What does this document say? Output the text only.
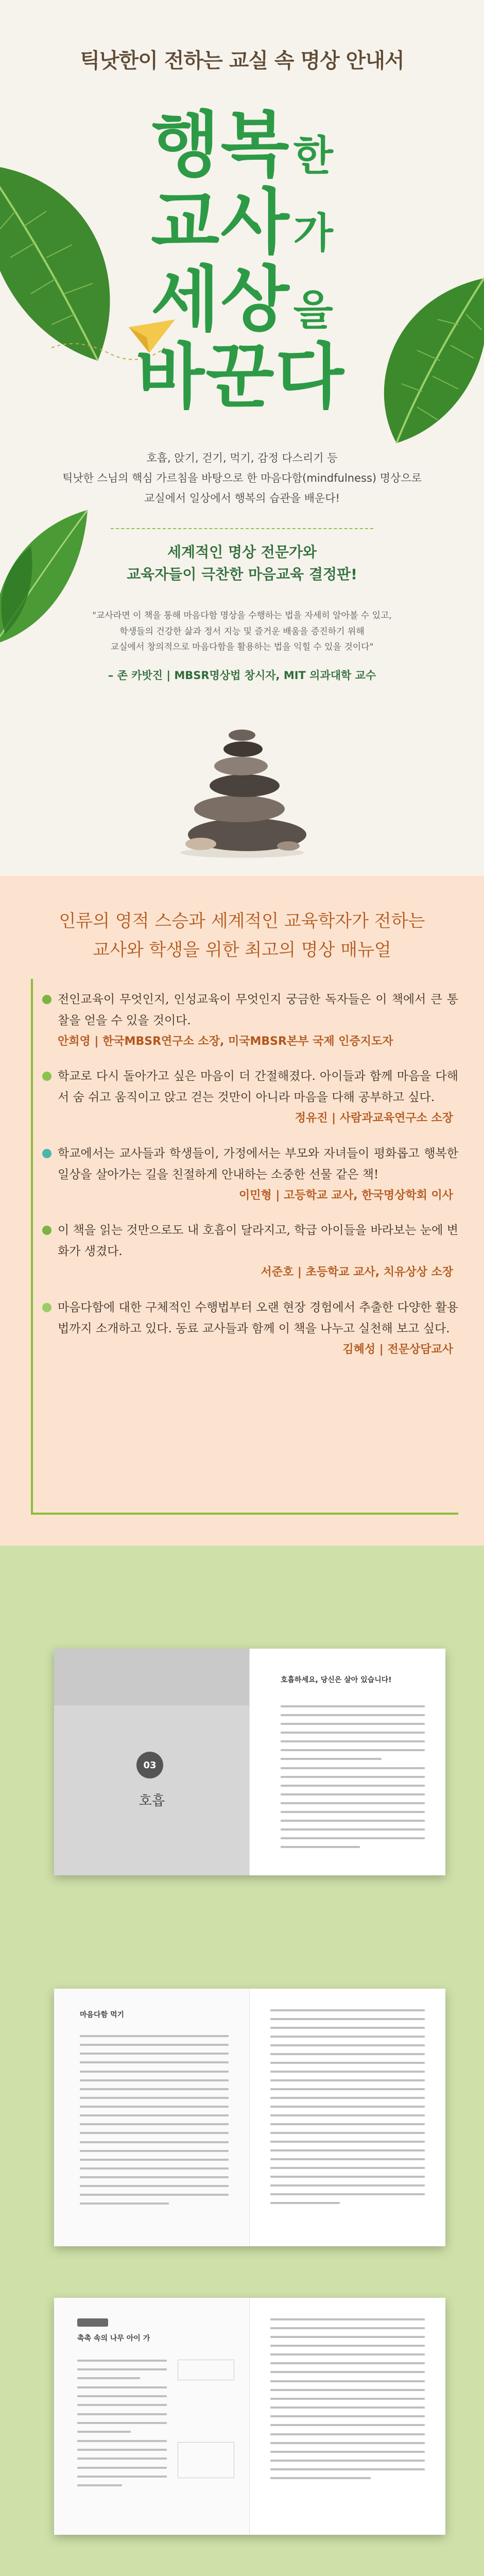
틱낫한이 전하는 교실 속 명상 안내서
행복 한
교사 가
세상 을
바꾼다
호흡, 앉기, 걷기, 먹기, 감정 다스리기 등
틱낫한 스님의 핵심 가르침을 바탕으로 한 마음다함(mindfulness) 명상으로
교실에서 일상에서 행복의 습관을 배운다!
세계적인 명상 전문가와
교육자들이 극찬한 마음교육 결정판!
"교사라면 이 책을 통해 마음다함 명상을 수행하는 법을 자세히 알아볼 수 있고,
학생들의 건강한 삶과 정서 지능 및 즐거운 배움을 증진하기 위해
교실에서 창의적으로 마음다함을 활용하는 법을 익힐 수 있을 것이다"
– 존 카밧진 | MBSR명상법 창시자, MIT 의과대학 교수
인류의 영적 스승과 세계적인 교육학자가 전하는
교사와 학생을 위한 최고의 명상 매뉴얼

전인교육이 무엇인지, 인성교육이 무엇인지 궁금한 독자들은 이 책에서 큰 통찰을 얻을 수 있을 것이다.

안희영 | 한국MBSR연구소 소장, 미국MBSR본부 국제 인증지도자

학교로 다시 돌아가고 싶은 마음이 더 간절해졌다. 아이들과 함께 마음을 다해서 숨 쉬고 움직이고 앉고 걷는 것만이 아니라 마음을 다해 공부하고 싶다.

정유진 | 사람과교육연구소 소장

학교에서는 교사들과 학생들이, 가정에서는 부모와 자녀들이 평화롭고 행복한 일상을 살아가는 길을 친절하게 안내하는 소중한 선물 같은 책!

이민형 | 고등학교 교사, 한국명상학회 이사

이 책을 읽는 것만으로도 내 호흡이 달라지고, 학급 아이들을 바라보는 눈에 변화가 생겼다.

서준호 | 초등학교 교사, 치유상상 소장

마음다함에 대한 구체적인 수행법부터 오랜 현장 경험에서 추출한 다양한 활용법까지 소개하고 있다. 동료 교사들과 함께 이 책을 나누고 실천해 보고 싶다.

김혜성 | 전문상담교사
03
호흡
호흡하세요, 당신은 살아 있습니다!
마음다함 먹기
촉촉 속의 나무 아이 가
